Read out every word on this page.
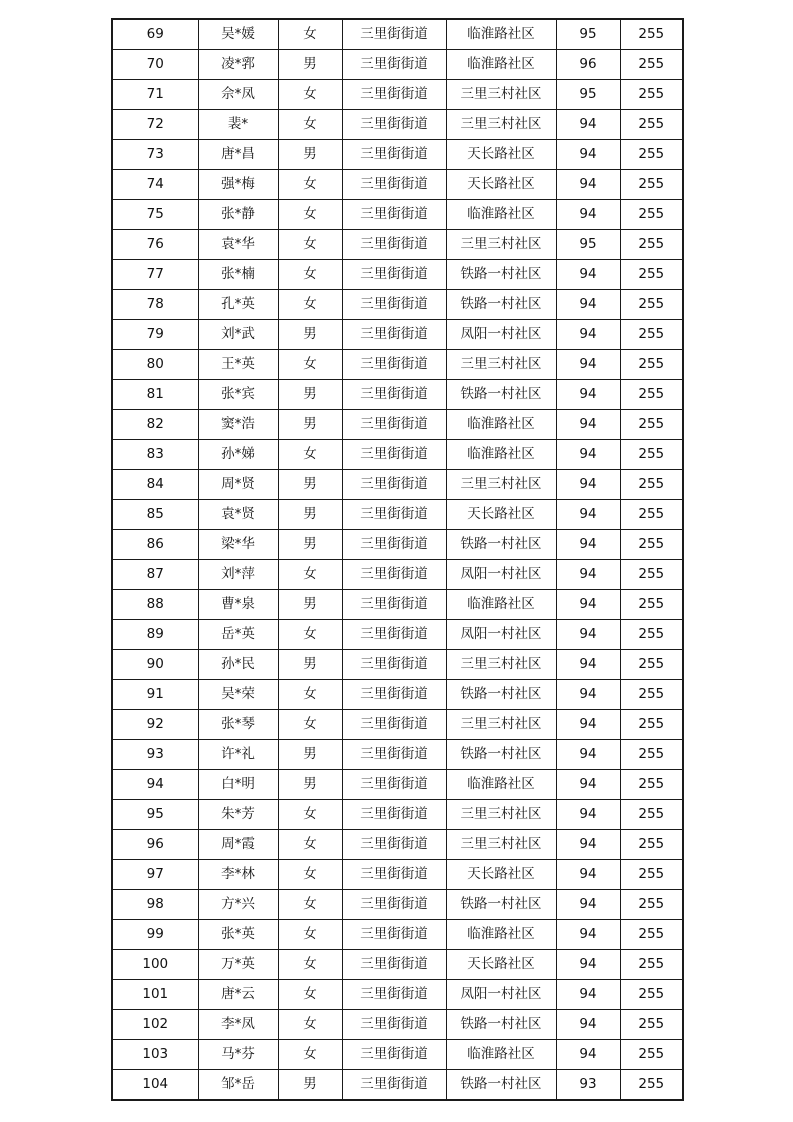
69	吴*媛	女	三里街街道	临淮路社区	95	255
70	凌*郛	男	三里街街道	临淮路社区	96	255
71	佘*凤	女	三里街街道	三里三村社区	95	255
72	裴*	女	三里街街道	三里三村社区	94	255
73	唐*昌	男	三里街街道	天长路社区	94	255
74	强*梅	女	三里街街道	天长路社区	94	255
75	张*静	女	三里街街道	临淮路社区	94	255
76	袁*华	女	三里街街道	三里三村社区	95	255
77	张*楠	女	三里街街道	铁路一村社区	94	255
78	孔*英	女	三里街街道	铁路一村社区	94	255
79	刘*武	男	三里街街道	凤阳一村社区	94	255
80	王*英	女	三里街街道	三里三村社区	94	255
81	张*宾	男	三里街街道	铁路一村社区	94	255
82	窦*浩	男	三里街街道	临淮路社区	94	255
83	孙*娣	女	三里街街道	临淮路社区	94	255
84	周*贤	男	三里街街道	三里三村社区	94	255
85	袁*贤	男	三里街街道	天长路社区	94	255
86	梁*华	男	三里街街道	铁路一村社区	94	255
87	刘*萍	女	三里街街道	凤阳一村社区	94	255
88	曹*泉	男	三里街街道	临淮路社区	94	255
89	岳*英	女	三里街街道	凤阳一村社区	94	255
90	孙*民	男	三里街街道	三里三村社区	94	255
91	吴*荣	女	三里街街道	铁路一村社区	94	255
92	张*琴	女	三里街街道	三里三村社区	94	255
93	许*礼	男	三里街街道	铁路一村社区	94	255
94	白*明	男	三里街街道	临淮路社区	94	255
95	朱*芳	女	三里街街道	三里三村社区	94	255
96	周*霞	女	三里街街道	三里三村社区	94	255
97	李*林	女	三里街街道	天长路社区	94	255
98	方*兴	女	三里街街道	铁路一村社区	94	255
99	张*英	女	三里街街道	临淮路社区	94	255
100	万*英	女	三里街街道	天长路社区	94	255
101	唐*云	女	三里街街道	凤阳一村社区	94	255
102	李*凤	女	三里街街道	铁路一村社区	94	255
103	马*芬	女	三里街街道	临淮路社区	94	255
104	邹*岳	男	三里街街道	铁路一村社区	93	255
